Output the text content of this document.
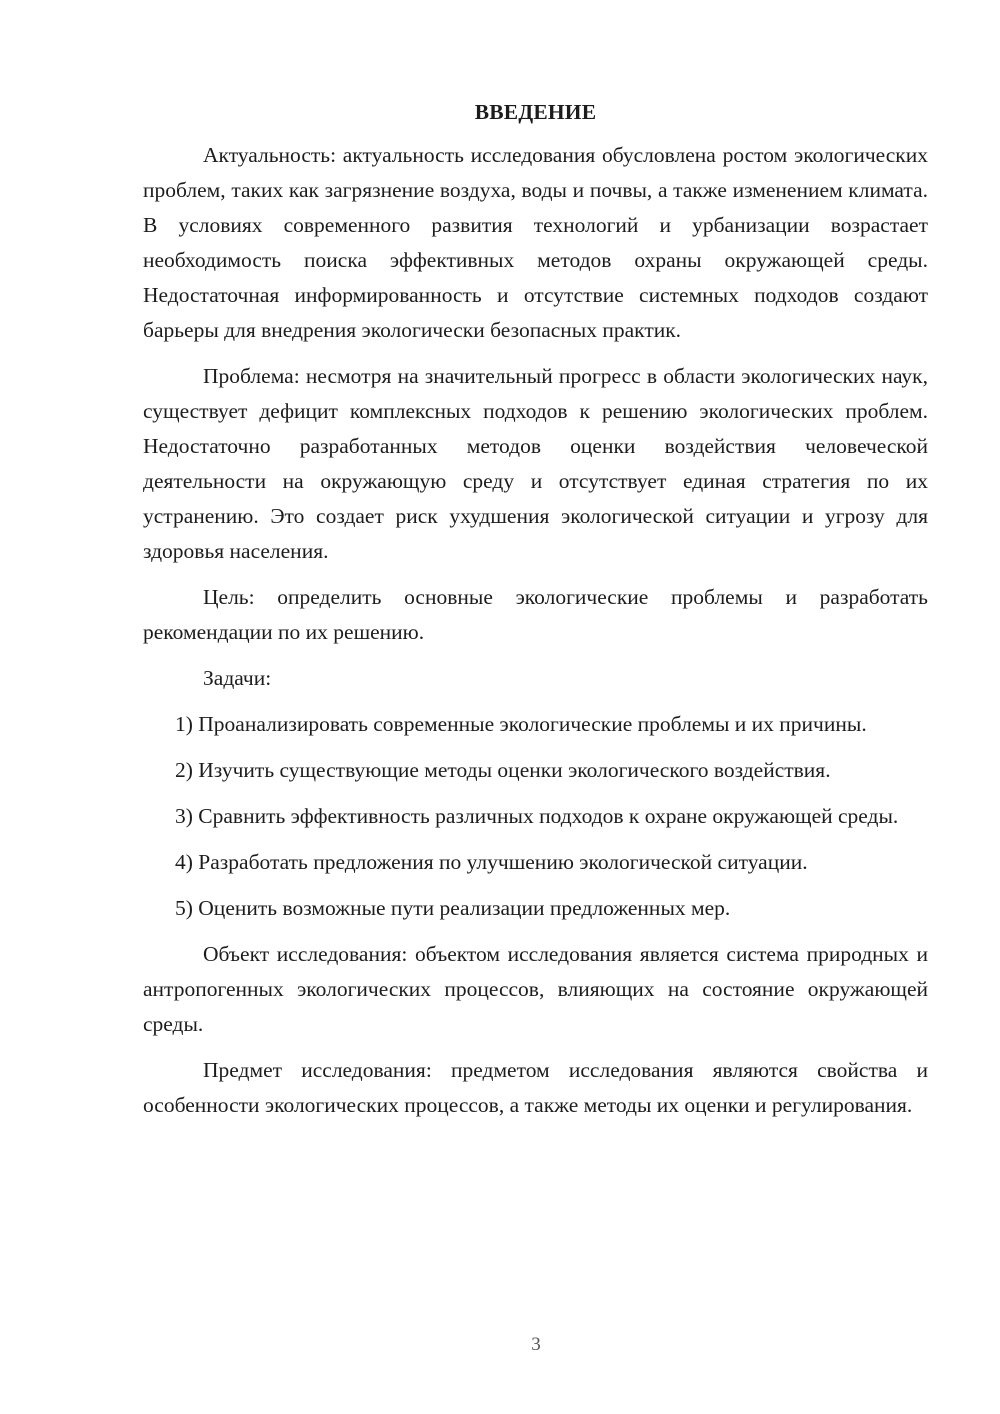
ВВЕДЕНИЕ

Актуальность: актуальность исследования обусловлена ростом экологических проблем, таких как загрязнение воздуха, воды и почвы, а также изменением климата. В условиях современного развития технологий и урбанизации возрастает необходимость поиска эффективных методов охраны окружающей среды. Недостаточная информированность и отсутствие системных подходов создают барьеры для внедрения экологически безопасных практик.

Проблема: несмотря на значительный прогресс в области экологических наук, существует дефицит комплексных подходов к решению экологических проблем. Недостаточно разработанных методов оценки воздействия человеческой деятельности на окружающую среду и отсутствует единая стратегия по их устранению. Это создает риск ухудшения экологической ситуации и угрозу для здоровья населения.

Цель: определить основные экологические проблемы и разработать рекомендации по их решению.

Задачи:

1) Проанализировать современные экологические проблемы и их причины.

2) Изучить существующие методы оценки экологического воздействия.

3) Сравнить эффективность различных подходов к охране окружающей среды.

4) Разработать предложения по улучшению экологической ситуации.

5) Оценить возможные пути реализации предложенных мер.

Объект исследования: объектом исследования является система природных и антропогенных экологических процессов, влияющих на состояние окружающей среды.

Предмет исследования: предметом исследования являются свойства и особенности экологических процессов, а также методы их оценки и регулирования.

3
